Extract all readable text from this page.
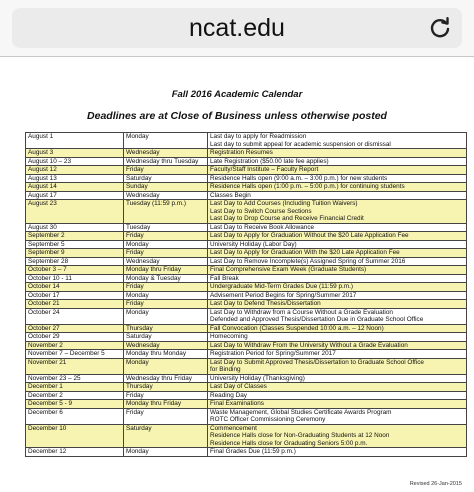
ncat.edu
Fall 2016 Academic Calendar
Deadlines are at Close of Business unless otherwise posted
August 1	Monday	Last day to apply for Readmission
Last day to submit appeal for academic suspension or dismissal

August 3	Wednesday	Registration Resumes

August 10 – 23	Wednesday thru Tuesday	Late Registration ($50.00 late fee applies)

August 12	Friday	Faculty/Staff Institute – Faculty Report

August 13	Saturday	Residence Halls open (9:00 a.m. – 3:00 p.m.) for new students

August 14	Sunday	Residence Halls open (1:00 p.m. – 5:00 p.m.) for continuing students

August 17	Wednesday	Classes Begin

August 23	Tuesday (11:59 p.m.)	Last Day to Add Courses (Including Tuition Waivers)
Last Day to Switch Course Sections
Last Day to Drop Course and Receive Financial Credit

August 30	Tuesday	Last Day to Receive Book Allowance

September 2	Friday	Last Day to Apply for Graduation Without the $20 Late Application Fee

September 5	Monday	University Holiday (Labor Day)

September 9	Friday	Last Day to Apply for Graduation With the $20 Late Application Fee

September 28	Wednesday	Last Day to Remove Incomplete(s) Assigned Spring of Summer 2016

October 3 – 7	Monday thru Friday	Final Comprehensive Exam Week (Graduate Students)

October 10 - 11	Monday & Tuesday	Fall Break

October 14	Friday	Undergraduate Mid-Term Grades Due (11:59 p.m.)

October 17	Monday	Advisement Period Begins for Spring/Summer 2017

October 21	Friday	Last Day to Defend Thesis/Dissertation

October 24	Monday	Last Day to Withdraw from a Course Without a Grade Evaluation
Defended and Approved Thesis/Dissertation Due in Graduate School Office

October 27	Thursday	Fall Convocation (Classes Suspended 10:00 a.m. – 12 Noon)

October 29	Saturday	Homecoming

November 2	Wednesday	Last Day to Withdraw From the University Without a Grade Evaluation

November 7 – December 5	Monday thru Monday	Registration Period for Spring/Summer 2017

November 21	Monday	Last Day to Submit Approved Thesis/Dissertation to Graduate School Office
for Binding

November 23 – 25	Wednesday thru Friday	University Holiday (Thanksgiving)

December 1	Thursday	Last Day of Classes

December 2	Friday	Reading Day

December 5 - 9	Monday thru Friday	Final Examinations

December 6	Friday	Waste Management, Global Studies Certificate Awards Program
ROTC Officer Commissioning Ceremony

December 10	Saturday	Commencement
Residence Halls close for Non-Graduating Students at 12 Noon
Residence Halls close for Graduating Seniors 5:00 p.m.

December 12	Monday	Final Grades Due (11:59 p.m.)
Revised 26-Jan-2015
